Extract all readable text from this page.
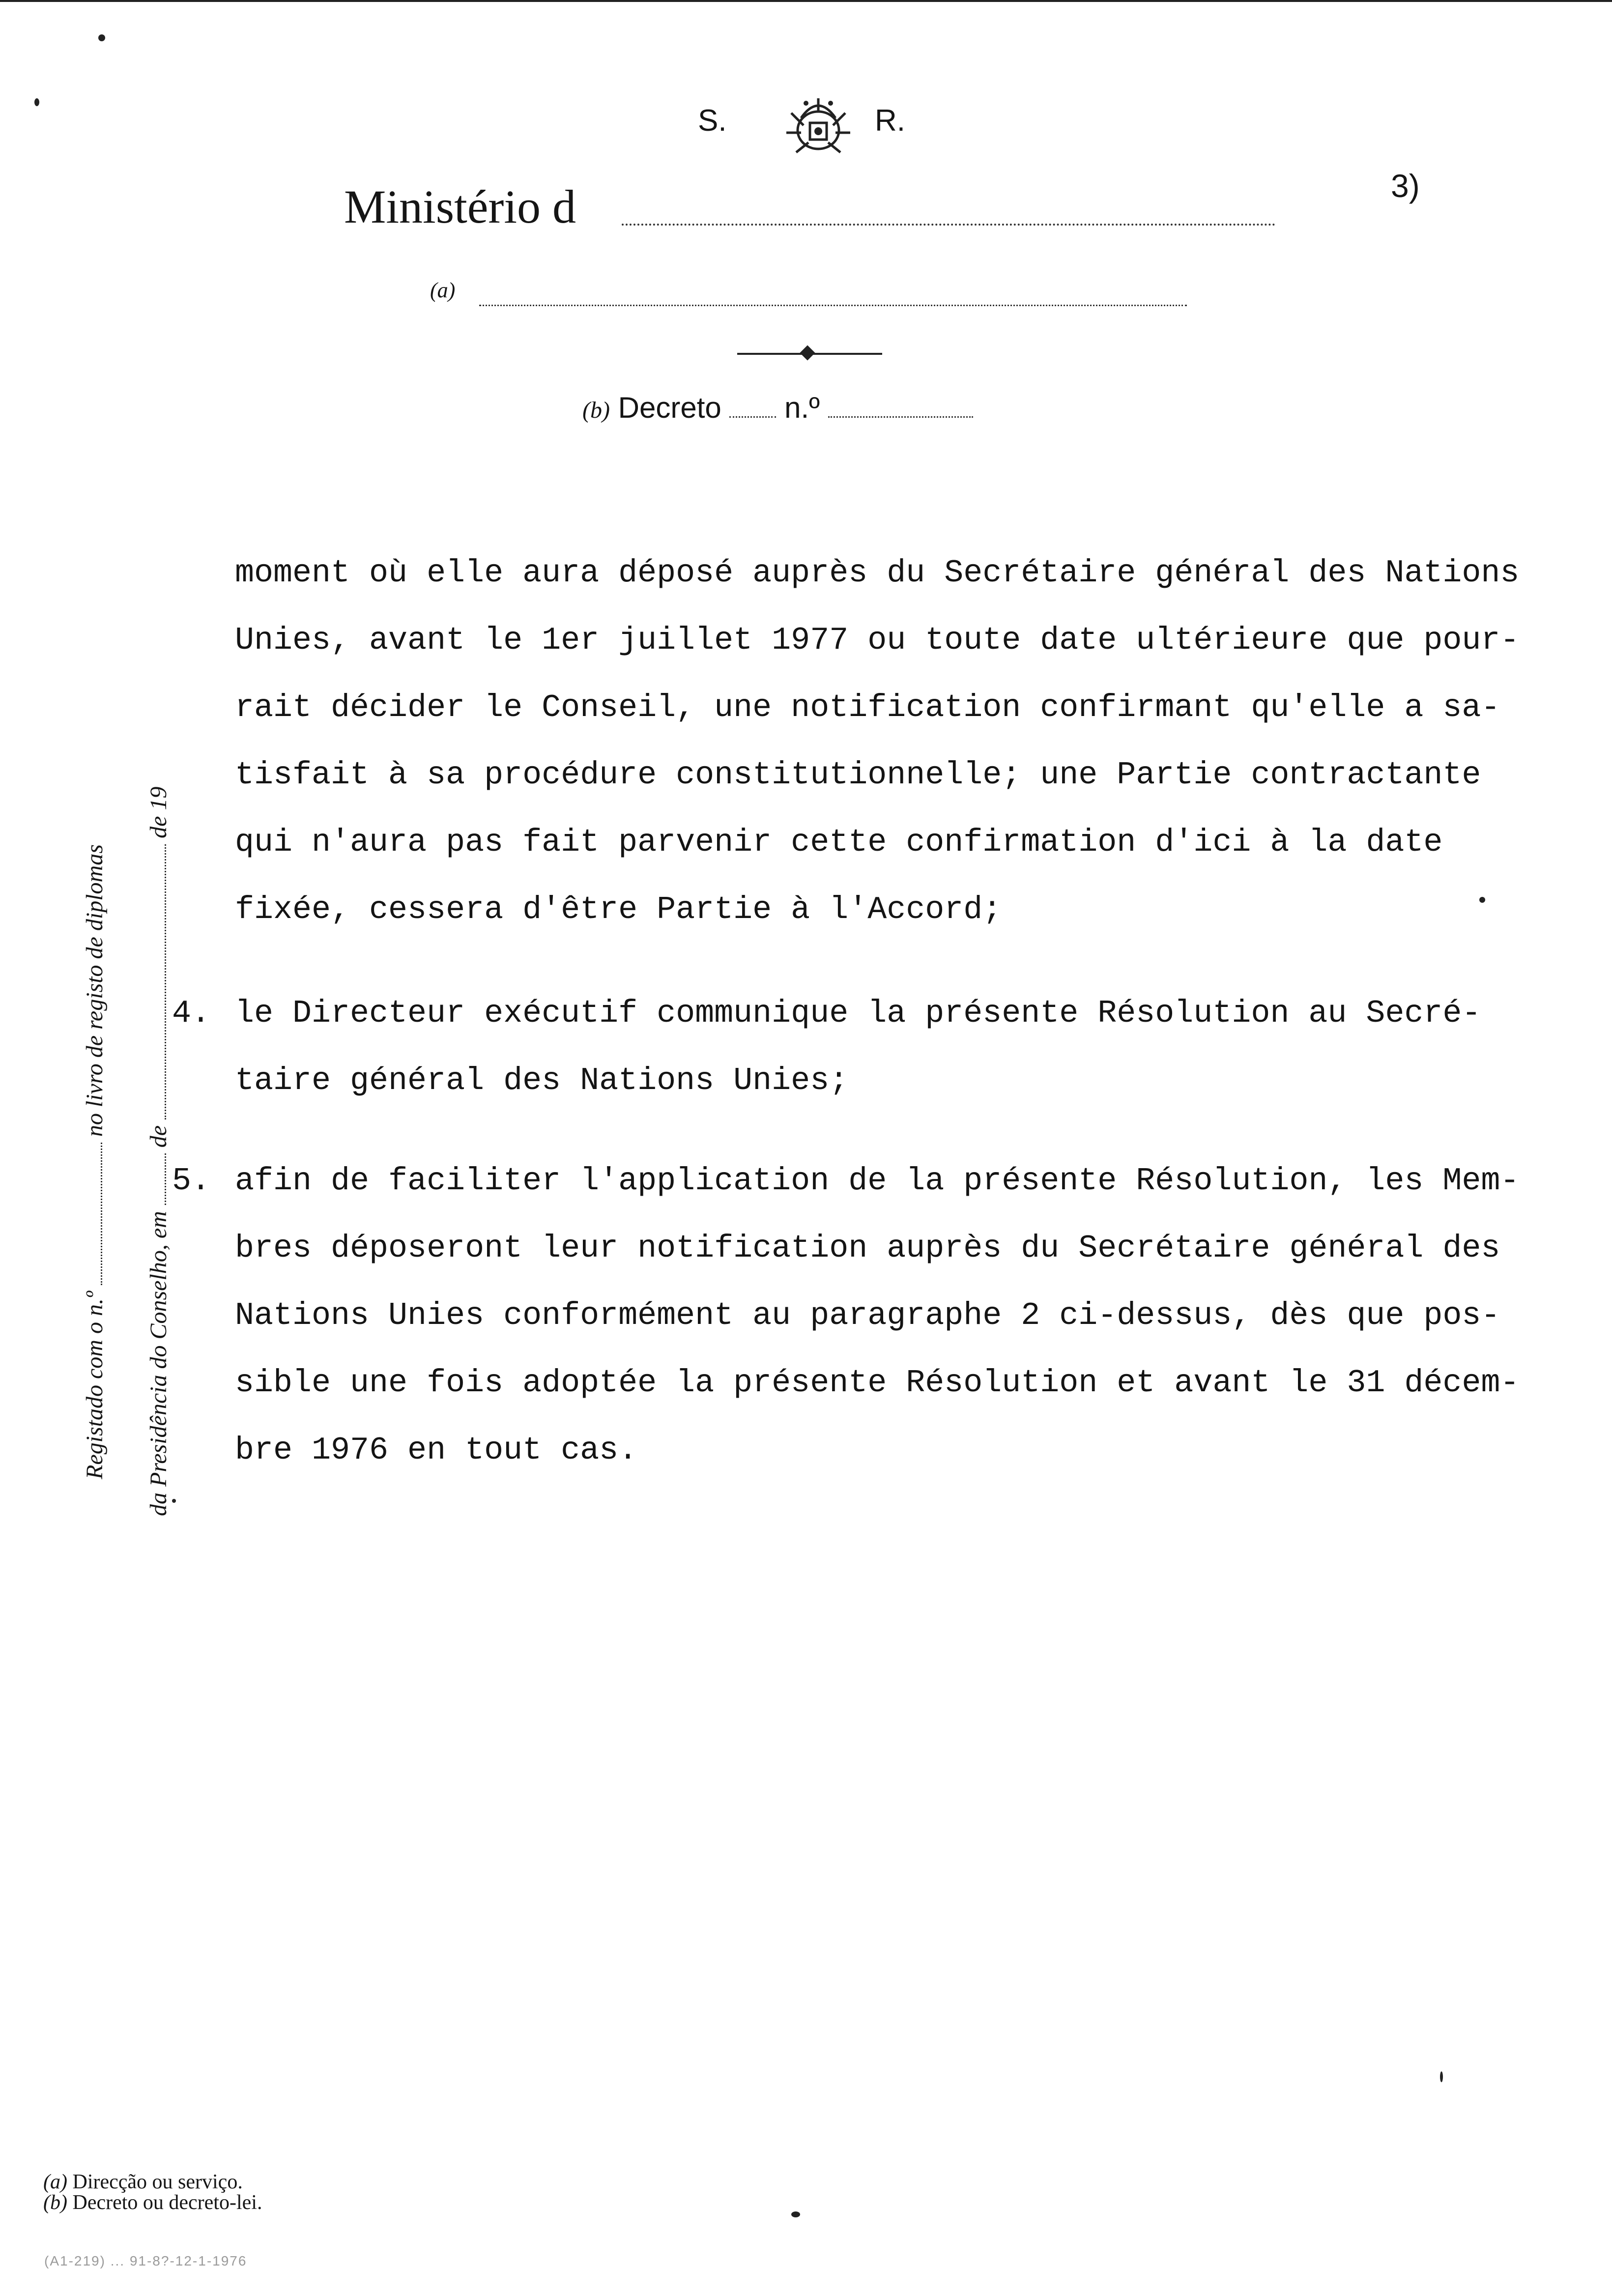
S.	R.
Ministério d	3)
(a)
(b) Decreto n.º
Registado com o n.º  no livro de registo de diplomas
da Presidência do Conselho, em  de  de 19
moment où elle aura déposé auprès du Secrétaire général des Nations
Unies, avant le 1er juillet 1977 ou toute date ultérieure que pour-
rait décider le Conseil, une notification confirmant qu'elle a sa-
tisfait à sa procédure constitutionnelle; une Partie contractante
qui n'aura pas fait parvenir cette confirmation d'ici à la date
fixée, cessera d'être Partie à l'Accord;
4. le Directeur exécutif communique la présente Résolution au Secré-
taire général des Nations Unies;
5. afin de faciliter l'application de la présente Résolution, les Mem-
bres déposeront leur notification auprès du Secrétaire général des
Nations Unies conformément au paragraphe 2 ci-dessus, dès que pos-
sible une fois adoptée la présente Résolution et avant le 31 décem-
bre 1976 en tout cas.
(a) Direcção ou serviço.
(b) Decreto ou decreto-lei.
(A1-219) ... 91-8?-12-1-1976
